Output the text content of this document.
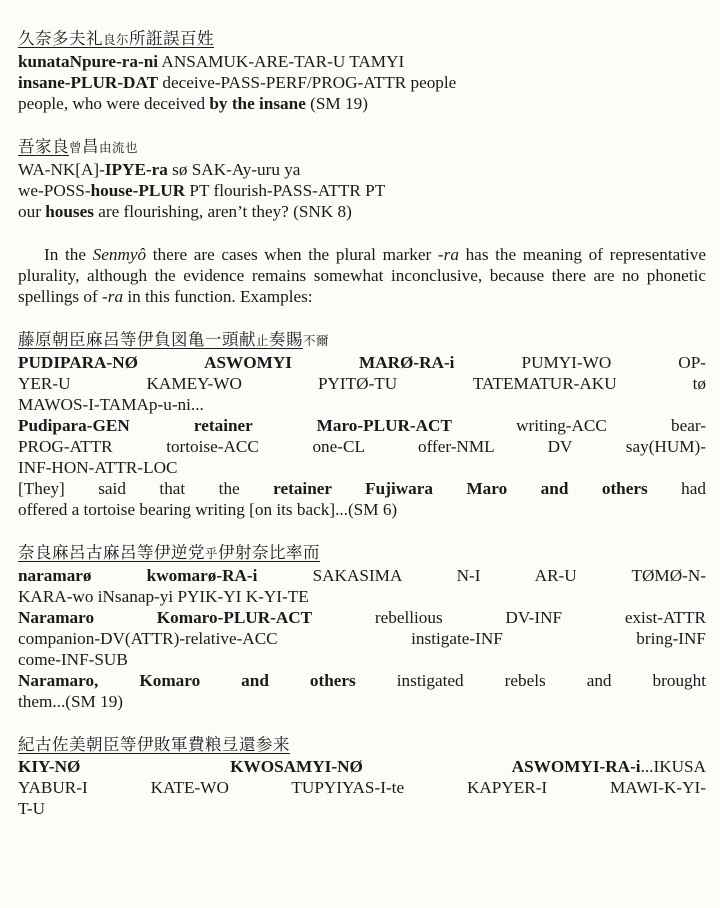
久奈多夫礼良尓所誑誤百姓
kunataNpure-ra-ni ANSAMUK-ARE-TAR-U TAMYI
insane-PLUR-DAT deceive-PASS-PERF/PROG-ATTR people
people, who were deceived by the insane (SM 19)
吾家良曾昌由流也
WA-NK[A]-IPYE-ra sø SAK-Ay-uru ya
we-POSS-house-PLUR PT flourish-PASS-ATTR PT
our houses are flourishing, aren’t they? (SNK 8)

In the Senmyô there are cases when the plural marker -ra has the meaning of representative plurality, although the evidence remains somewhat inconclusive, because there are no phonetic spellings of -ra in this function. Examples:

藤原朝臣麻呂等伊負図亀一頭献止奏賜不爾
PUDIPARA-NØ ASWOMYI MARØ-RA-i PUMYI-WO OP-
YER-U KAMEY-WO PYITØ-TU TATEMATUR-AKU tø
MAWOS-I-TAMAp-u-ni...
Pudipara-GEN retainer Maro-PLUR-ACT writing-ACC bear-
PROG-ATTR tortoise-ACC one-CL offer-NML DV say(HUM)-
INF-HON-ATTR-LOC
[They] said that the retainer Fujiwara Maro and others had
offered a tortoise bearing writing [on its back]...(SM 6)
奈良麻呂古麻呂等伊逆党乎伊射奈比率而
naramarø kwomarø-RA-i SAKASIMA N-I AR-U TØMØ-N-
KARA-wo iNsanap-yi PYIK-YI K-YI-TE
Naramaro Komaro-PLUR-ACT rebellious DV-INF exist-ATTR
companion-DV(ATTR)-relative-ACC instigate-INF bring-INF
come-INF-SUB
Naramaro, Komaro and others instigated rebels and brought
them...(SM 19)
紀古佐美朝臣等伊敗軍費粮弖還参来
KIY-NØ KWOSAMYI-NØ ASWOMYI-RA-i...IKUSA
YABUR-I KATE-WO TUPYIYAS-I-te KAPYER-I MAWI-K-YI-
T-U
